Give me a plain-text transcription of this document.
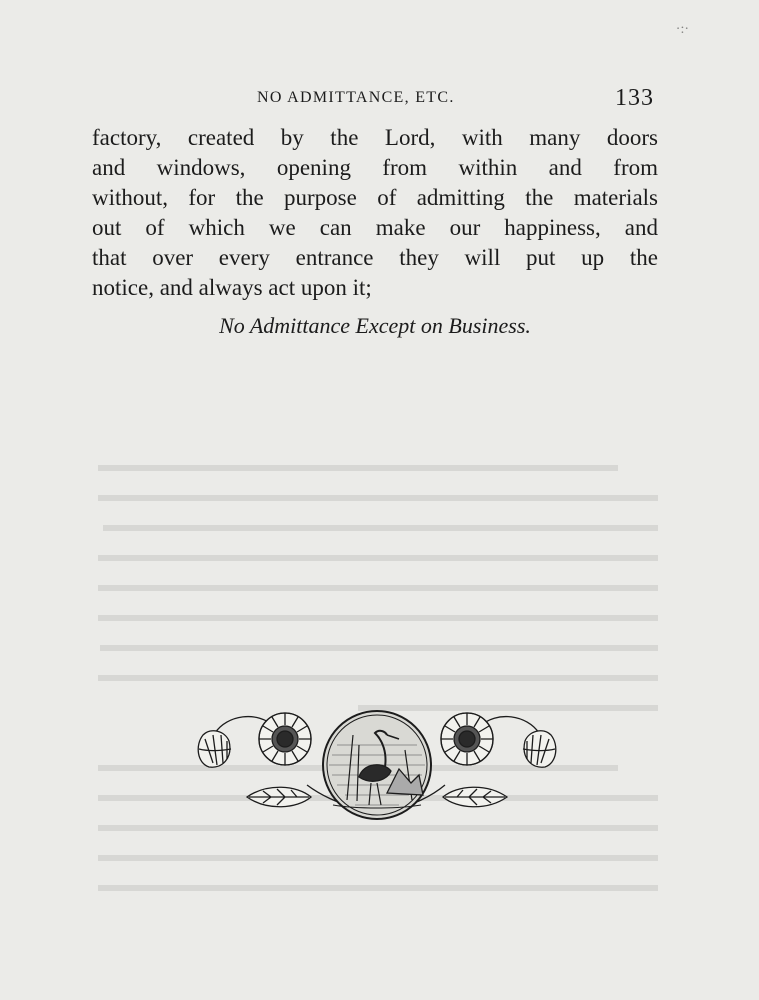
·:·
NO ADMITTANCE, ETC.	133
factory, created by the Lord, with many doors
and windows, opening from within and from
without, for the purpose of admitting the materials
out of which we can make our happiness, and
that over every entrance they will put up the
notice, and always act upon it;
No Admittance Except on Business.
